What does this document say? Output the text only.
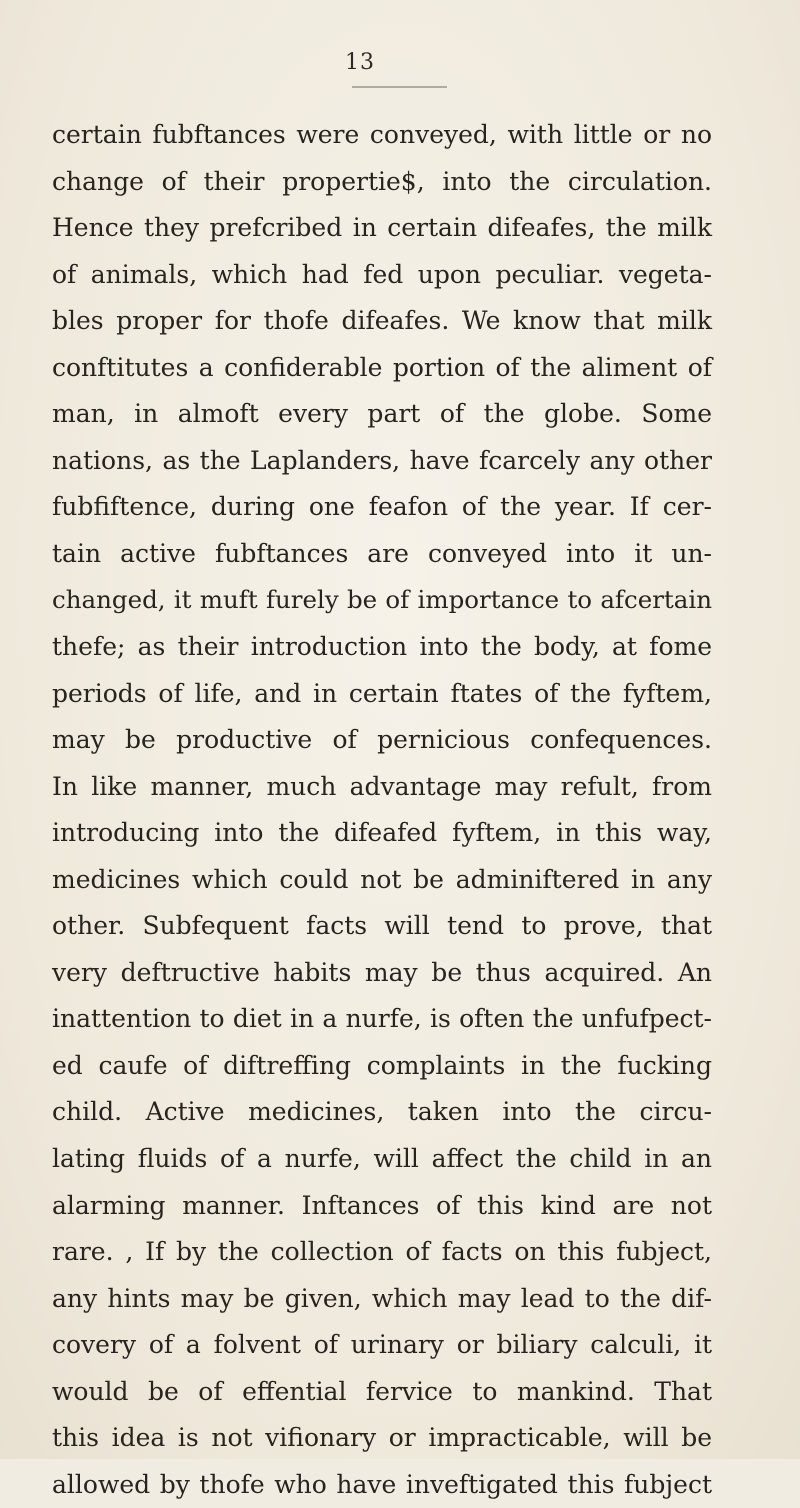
13
certain fubftances were conveyed, with little or no
change of their propertie$, into the circulation.
Hence they prefcribed in certain difeafes, the milk
of animals, which had fed upon peculiar. vegeta-
bles proper for thofe difeafes. We know that milk
conftitutes a confiderable portion of the aliment of
man, in almoft every part of the globe. Some
nations, as the Laplanders, have fcarcely any other
fubfiftence, during one feafon of the year. If cer-
tain active fubftances are conveyed into it un-
changed, it muft furely be of importance to afcertain
thefe; as their introduction into the body, at fome
periods of life, and in certain ftates of the fyftem,
may be productive of pernicious confequences.
In like manner, much advantage may refult, from
introducing into the difeafed fyftem, in this way,
medicines which could not be adminiftered in any
other. Subfequent facts will tend to prove, that
very deftructive habits may be thus acquired. An
inattention to diet in a nurfe, is often the unfufpect-
ed caufe of diftreffing complaints in the fucking
child. Active medicines, taken into the circu-
lating fluids of a nurfe, will affect the child in an
alarming manner. Inftances of this kind are not
rare. , If by the collection of facts on this fubject,
any hints may be given, which may lead to the dif-
covery of a folvent of urinary or biliary calculi, it
would be of effential fervice to mankind. That
this idea is not vifionary or impracticable, will be
allowed by thofe who have inveftigated this fubject
